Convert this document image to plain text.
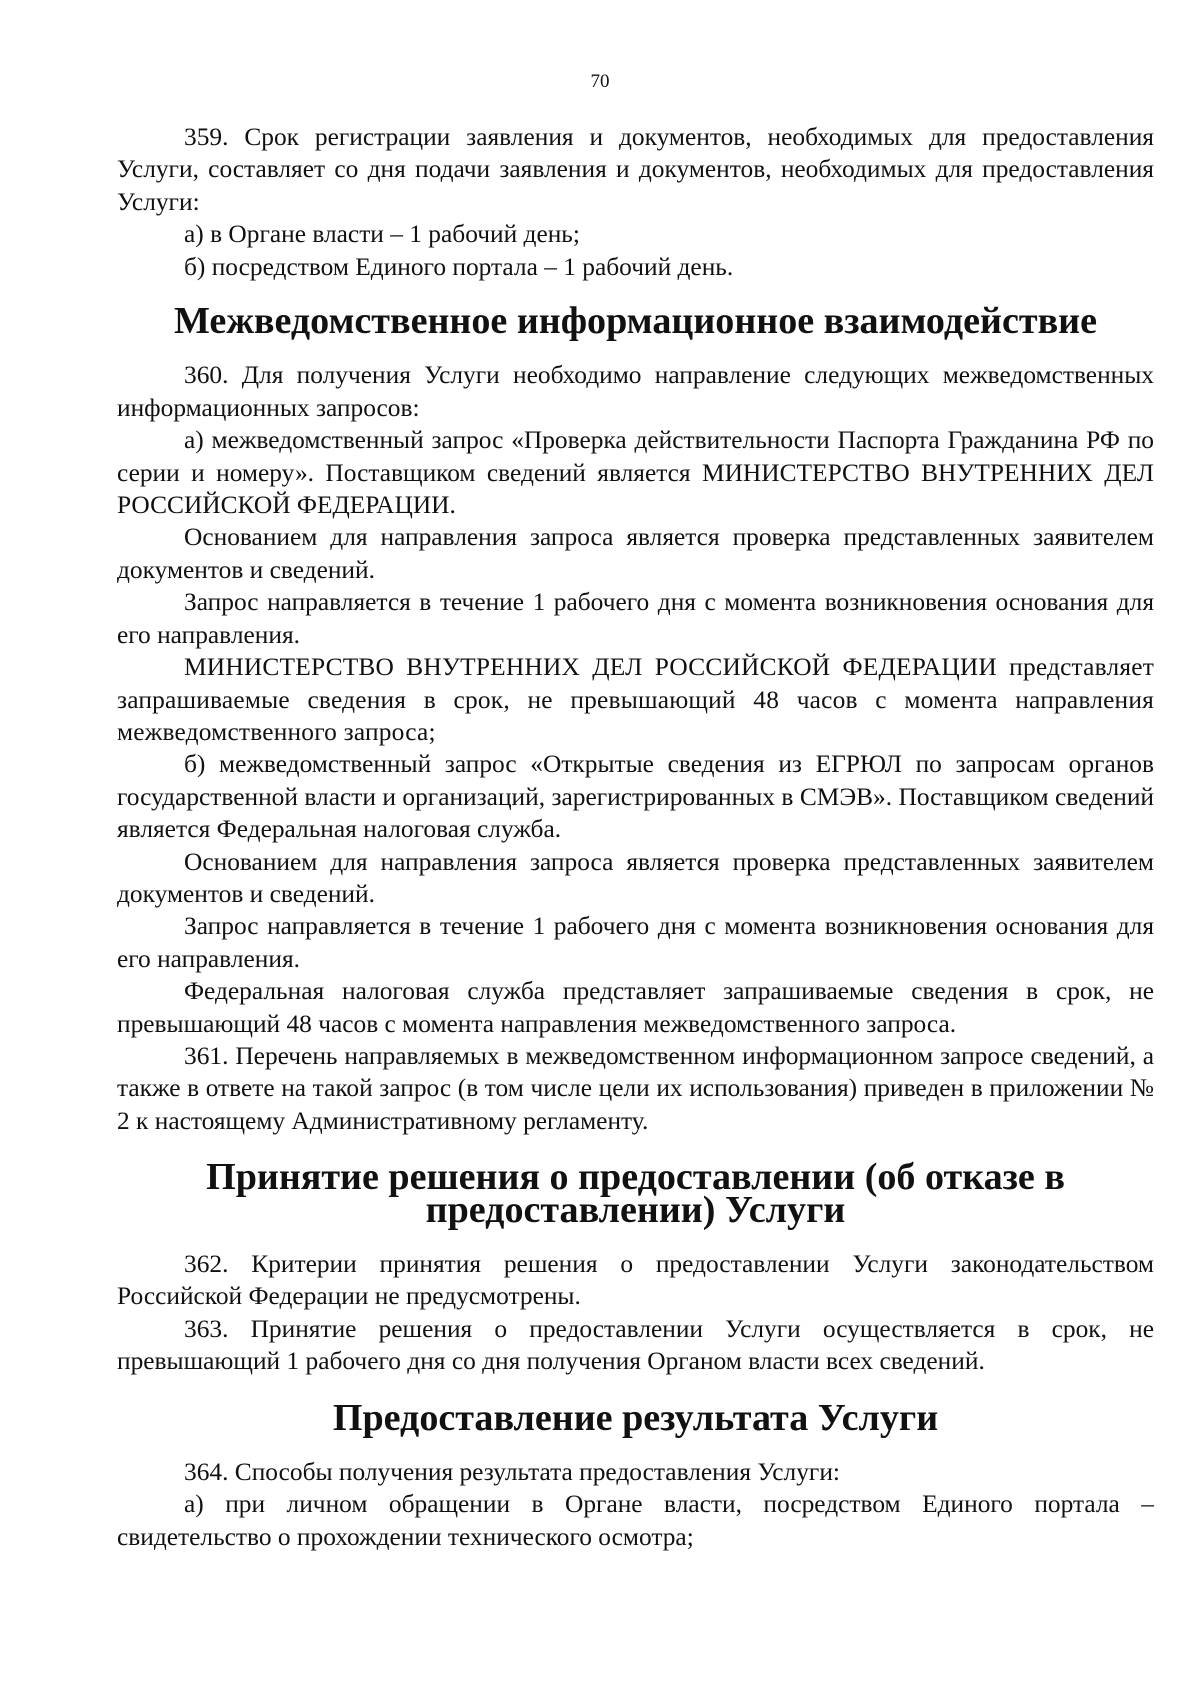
70

359. Срок регистрации заявления и документов, необходимых для предоставления Услуги, составляет со дня подачи заявления и документов, необходимых для предоставления Услуги:

а) в Органе власти – 1 рабочий день;

б) посредством Единого портала – 1 рабочий день.

Межведомственное информационное взаимодействие

360. Для получения Услуги необходимо направление следующих межведомственных информационных запросов:

а) межведомственный запрос «Проверка действительности Паспорта Гражданина РФ по серии и номеру». Поставщиком сведений является МИНИСТЕРСТВО ВНУТРЕННИХ ДЕЛ РОССИЙСКОЙ ФЕДЕРАЦИИ.

Основанием для направления запроса является проверка представленных заявителем документов и сведений.

Запрос направляется в течение 1 рабочего дня с момента возникновения основания для его направления.

МИНИСТЕРСТВО ВНУТРЕННИХ ДЕЛ РОССИЙСКОЙ ФЕДЕРАЦИИ представляет запрашиваемые сведения в срок, не превышающий 48 часов с момента направления межведомственного запроса;

б) межведомственный запрос «Открытые сведения из ЕГРЮЛ по запросам органов государственной власти и организаций, зарегистрированных в СМЭВ». Поставщиком сведений является Федеральная налоговая служба.

Основанием для направления запроса является проверка представленных заявителем документов и сведений.

Запрос направляется в течение 1 рабочего дня с момента возникновения основания для его направления.

Федеральная налоговая служба представляет запрашиваемые сведения в срок, не превышающий 48 часов с момента направления межведомственного запроса.

361. Перечень направляемых в межведомственном информационном запросе сведений, а также в ответе на такой запрос (в том числе цели их использования) приведен в приложении № 2 к настоящему Административному регламенту.

Принятие решения о предоставлении (об отказе в предоставлении) Услуги

362. Критерии принятия решения о предоставлении Услуги законодательством Российской Федерации не предусмотрены.

363. Принятие решения о предоставлении Услуги осуществляется в срок, не превышающий 1 рабочего дня со дня получения Органом власти всех сведений.

Предоставление результата Услуги

364. Способы получения результата предоставления Услуги:

а) при личном обращении в Органе власти, посредством Единого портала – свидетельство о прохождении технического осмотра;
